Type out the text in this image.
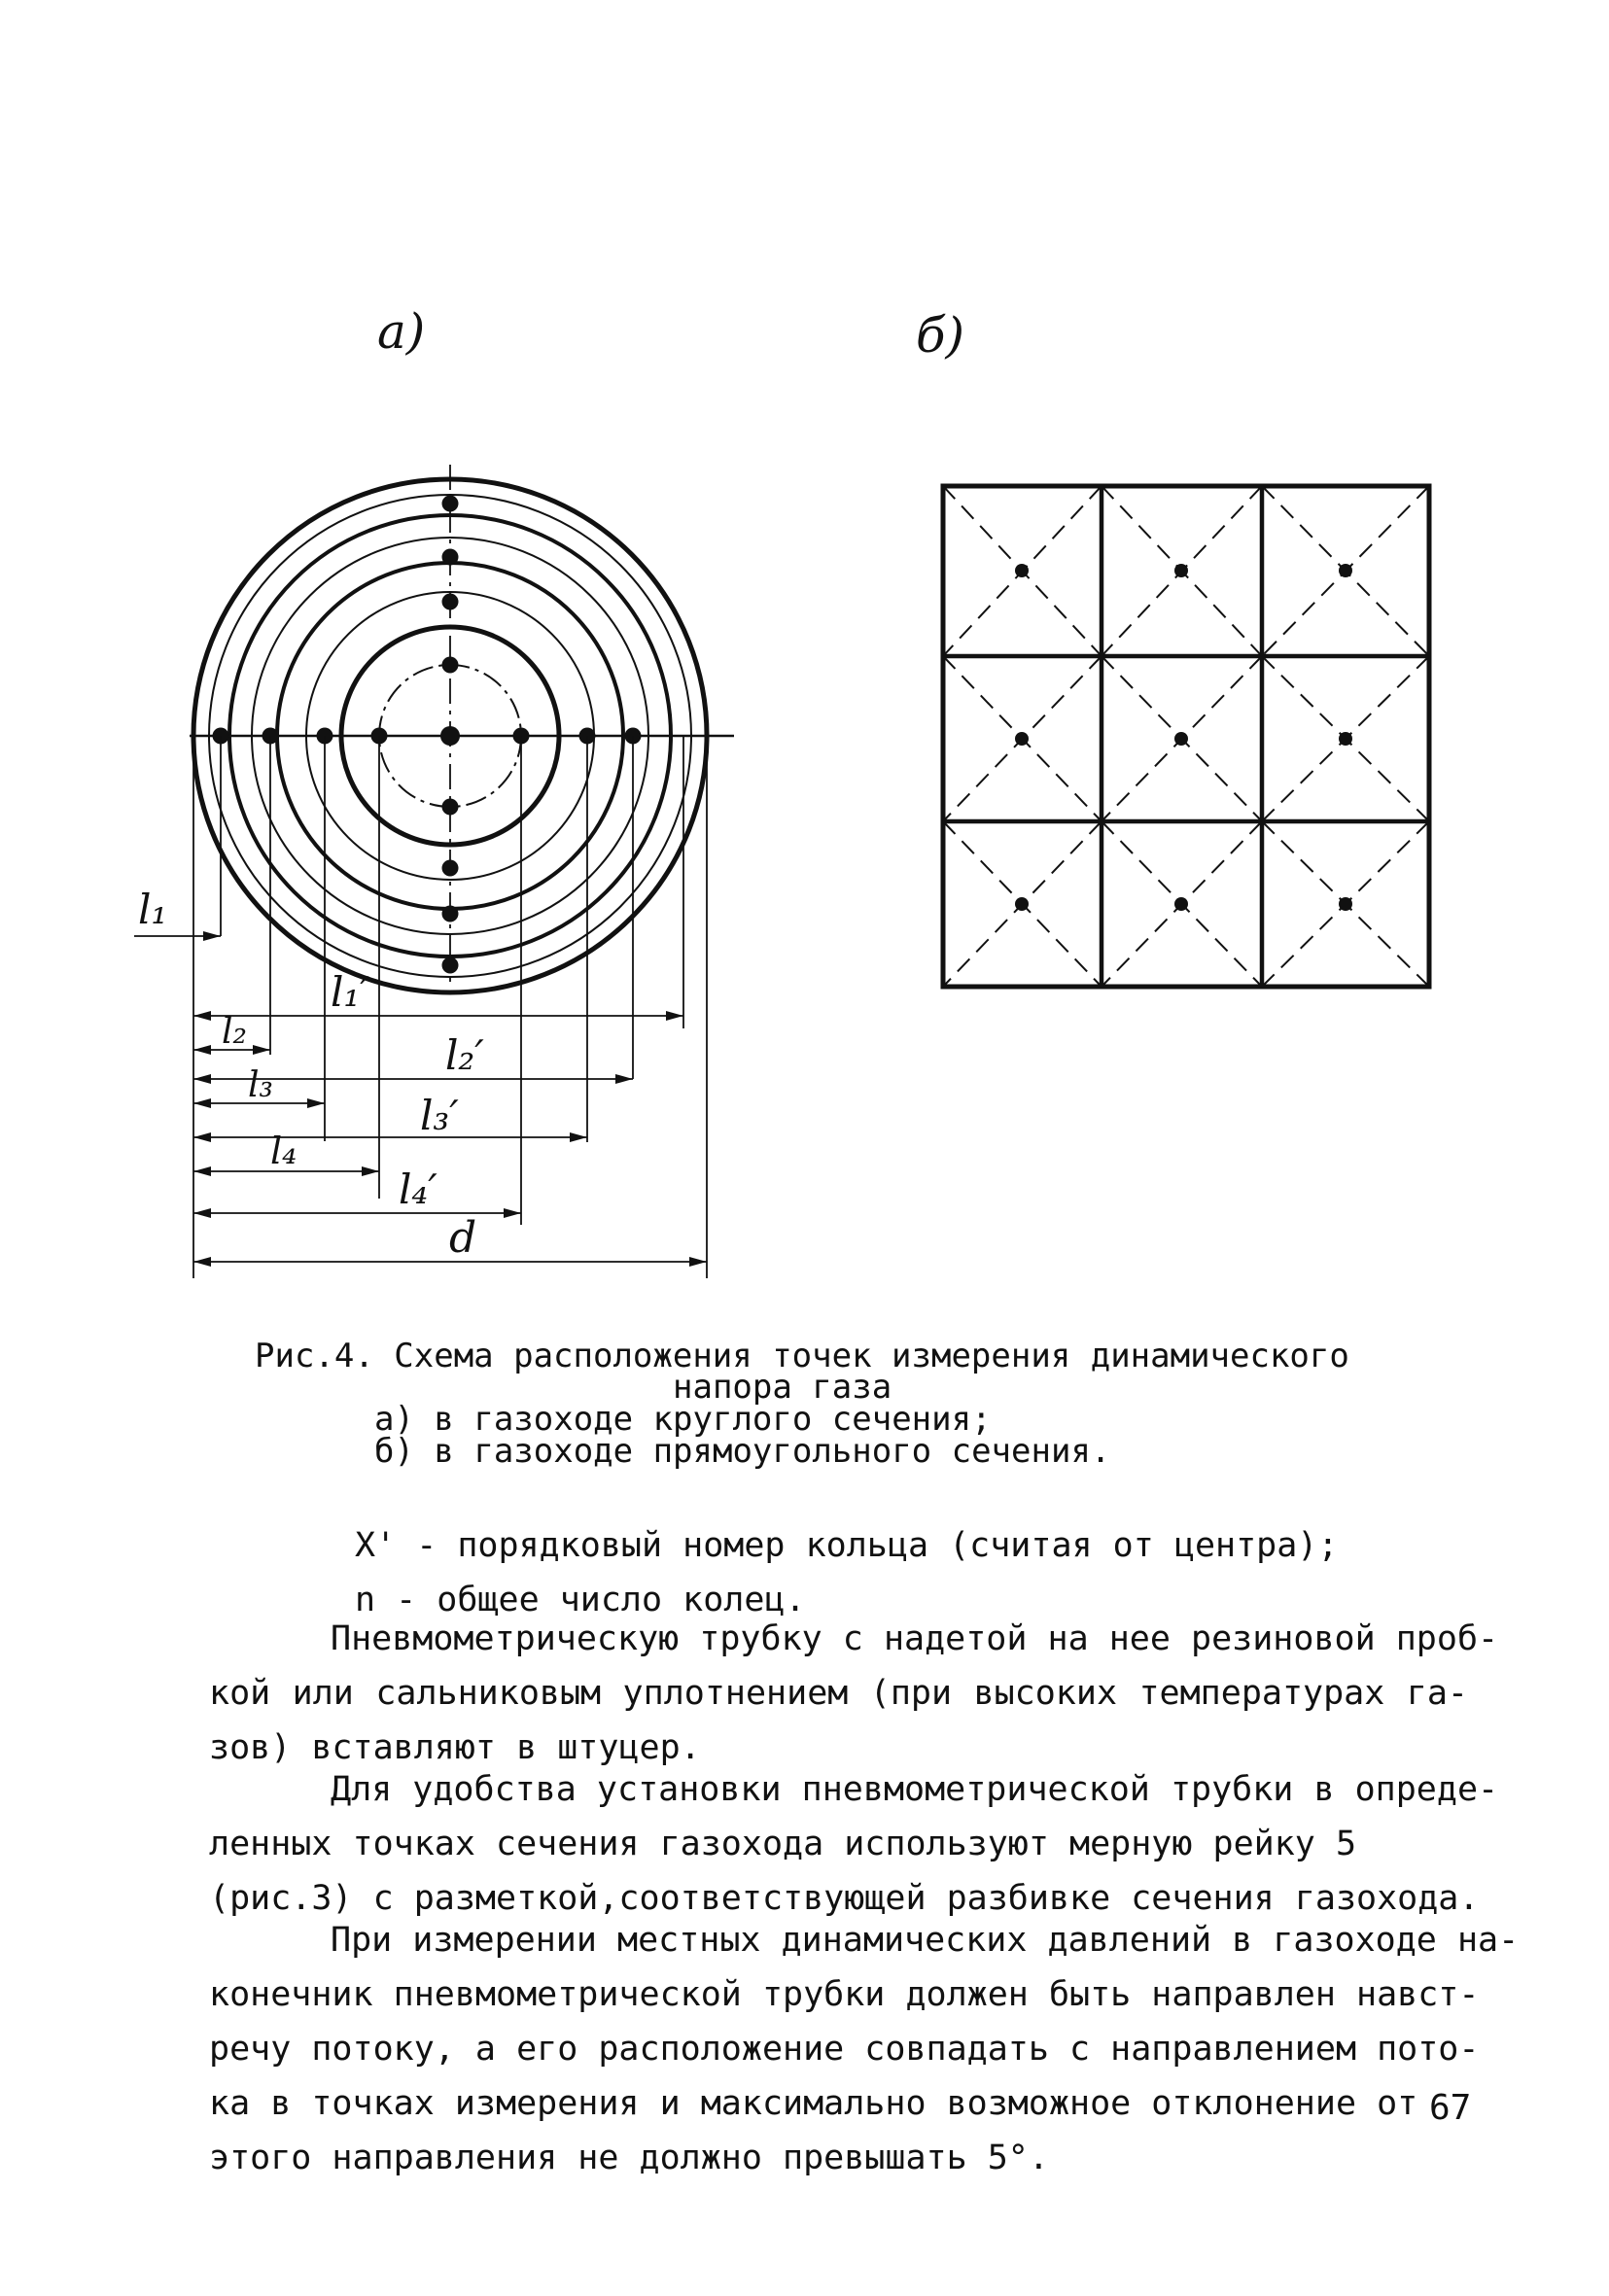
а)	б)
l₁
l₁′
l₂	l₂′
l₃
l₃′
l₄
l₄′
d
Рис.4. Схема расположения точек измерения динамического
напора газа
а) в газоходе круглого сечения;
б) в газоходе прямоугольного сечения.
X' - порядковый номер кольца (считая от центра);
n - общее число колец.
Пневмометрическую трубку с надетой на нее резиновой проб-
кой или сальниковым уплотнением (при высоких температурах га-
зов) вставляют в штуцер.
Для удобства установки пневмометрической трубки в опреде-
ленных точках сечения газохода используют мерную рейку 5
(рис.3) с разметкой,соответствующей разбивке сечения газохода.
При измерении местных динамических давлений в газоходе на-
конечник пневмометрической трубки должен быть направлен навст-
речу потоку, а его расположение совпадать с направлением пото-
ка в точках измерения и максимально возможное отклонение от
этого направления не должно превышать 5°.
67
